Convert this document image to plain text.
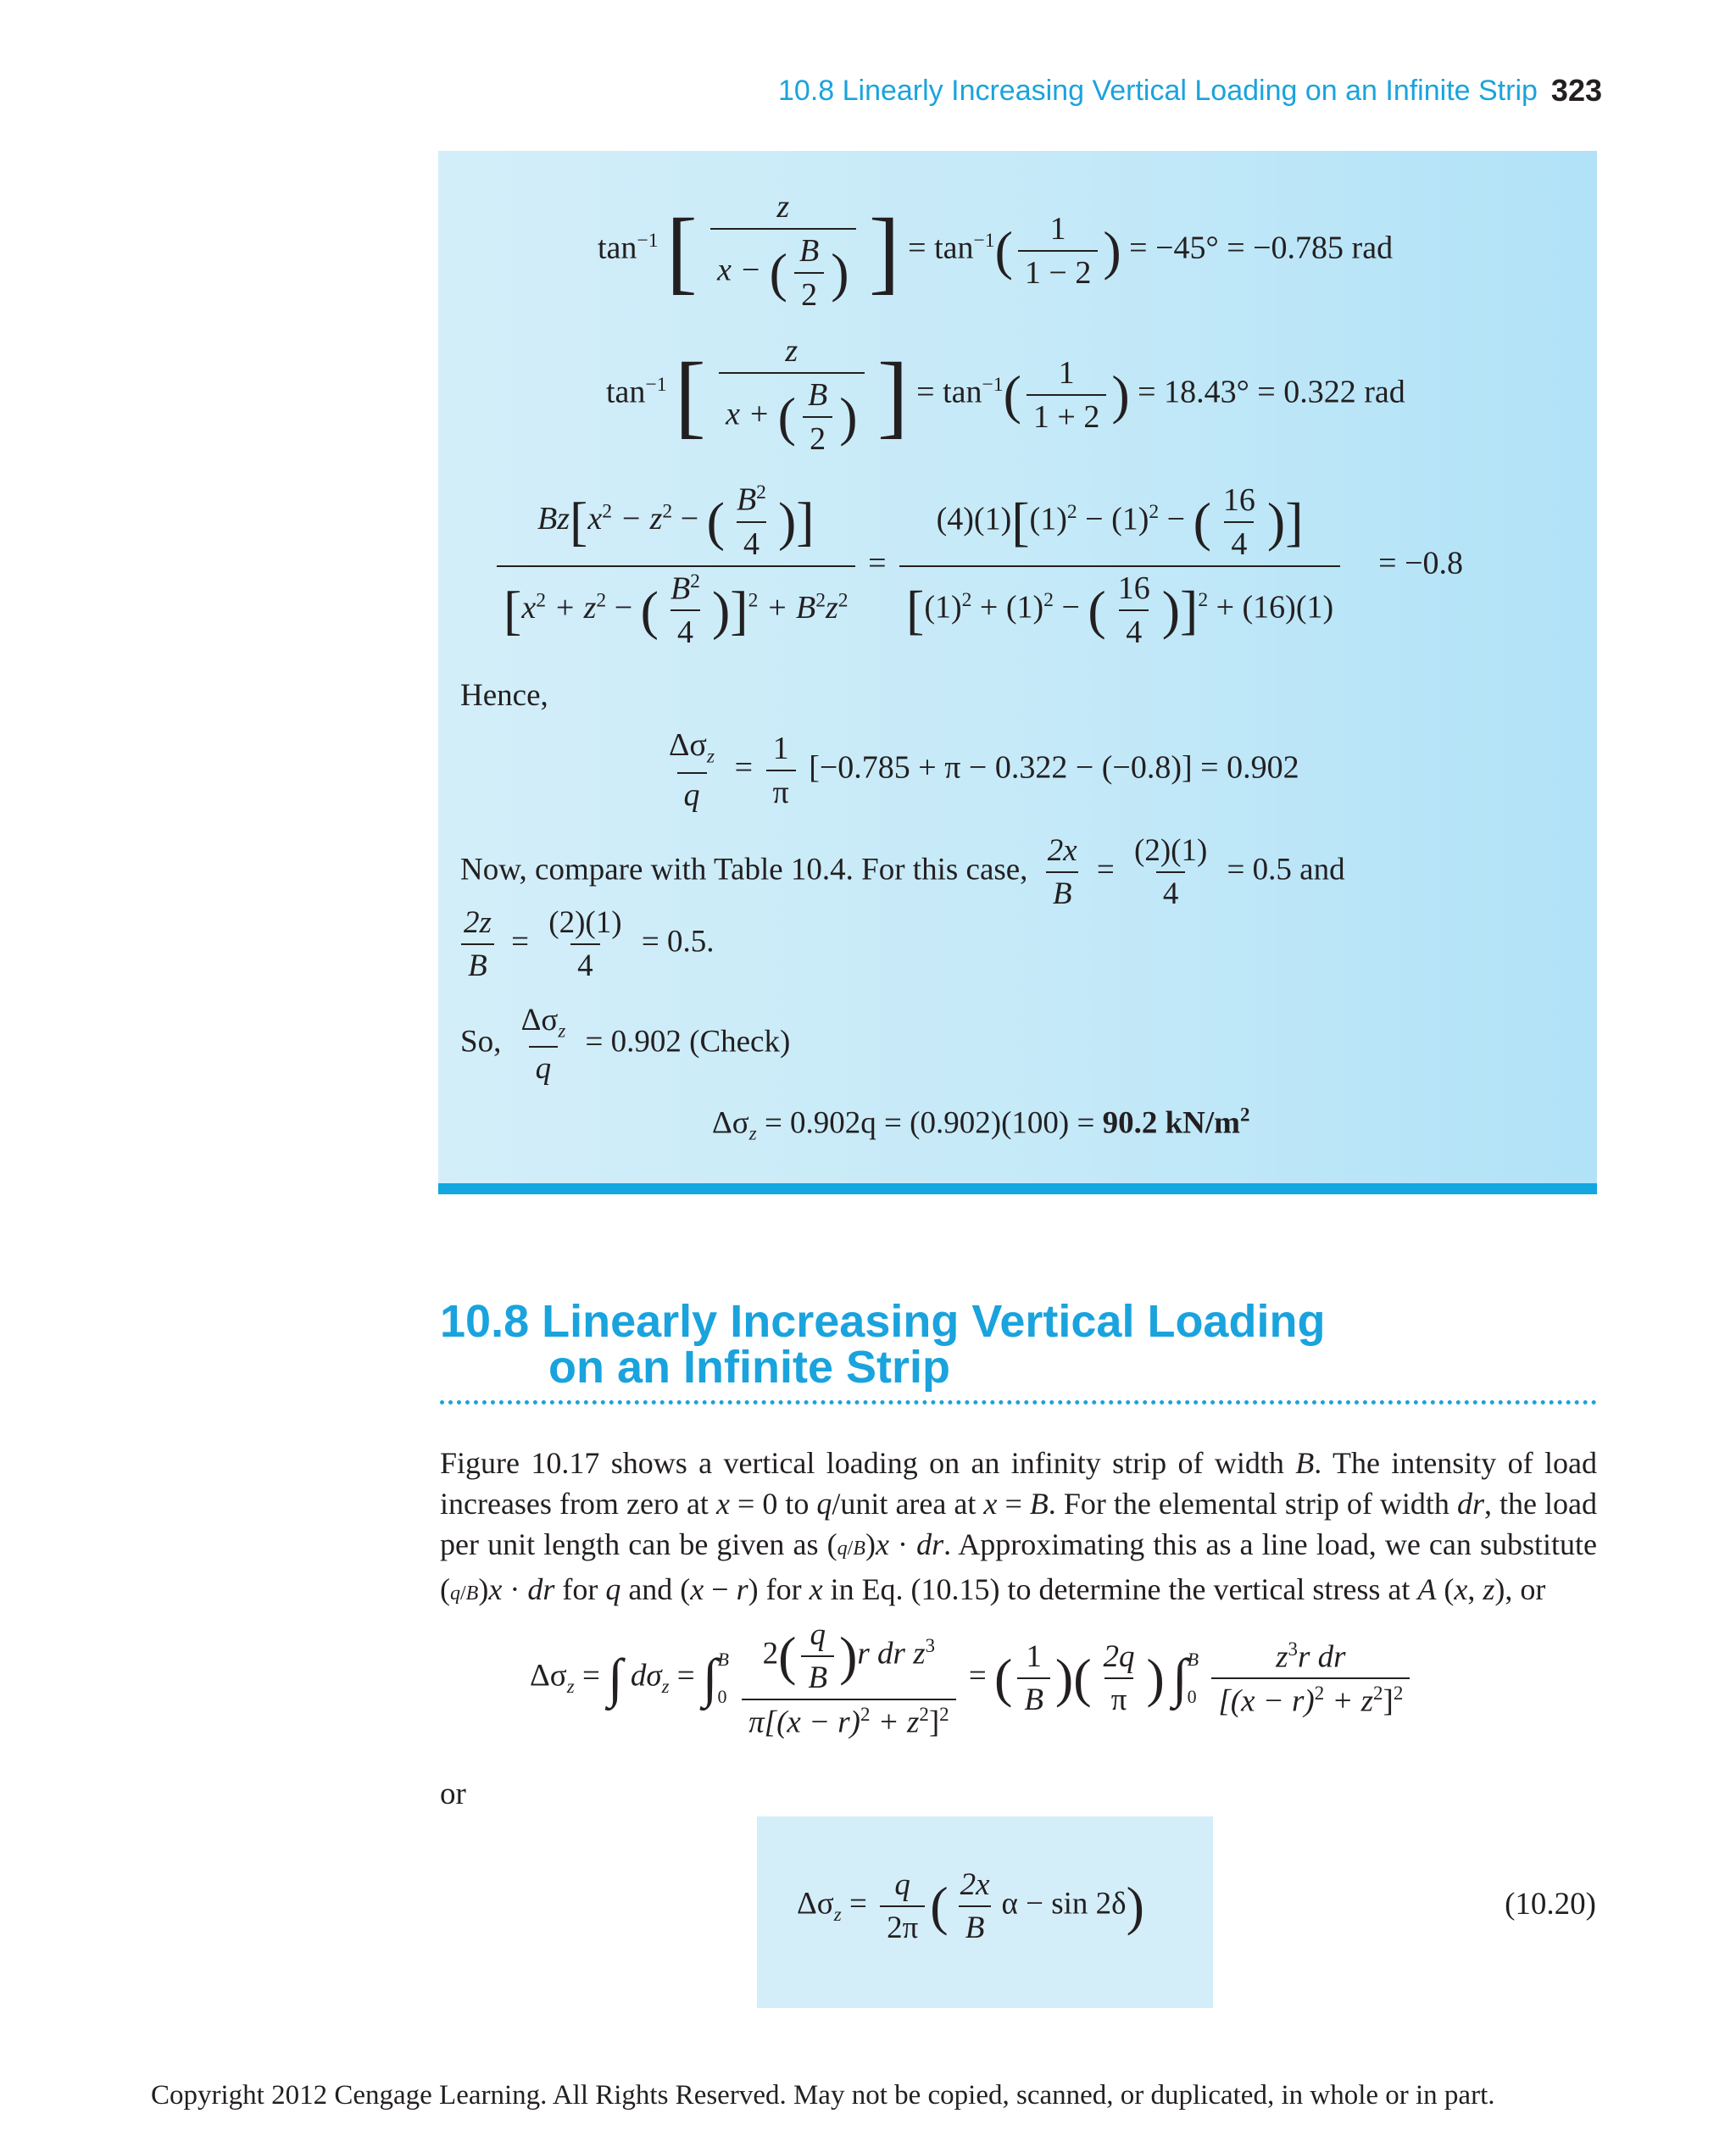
10.8 Linearly Increasing Vertical Loading on an Infinite Strip 323
$\tan^{-1}$ [ $\frac{z}{x - ( \frac{B}{2} )}$ ] = $\tan^{-1}( \frac{1}{1 - 2}$ ) = −45° = −0.785 rad
$\tan^{-1}$ [ $\frac{z}{x + ( \frac{B}{2} )}$ ] = $\tan^{-1}( \frac{1}{1 + 2}$ ) = 18.43° = 0.322 rad
$\frac{Bz[x^2 - z^2 - ( \frac{B^2}{4} )]}{[x^2 + z^2 - ( \frac{B^2}{4} )]^2 + B^2z^2} = \frac{(4)(1)[(1)^2 - (1)^2 - ( \frac{16}{4} )]}{[(1)^2 + (1)^2 - ( \frac{16}{4} )]^2 + (16)(1)} = -0.8$
Hence,
$\frac{\Delta\sigma_z}{q} = \frac{1}{\pi} [-0.785 + \pi - 0.322 - (-0.8)] = 0.902$
Now, compare with Table 10.4. For this case, $\frac{2x}{B} = \frac{(2)(1)}{4} = 0.5$ and
$\frac{2z}{B} = \frac{(2)(1)}{4} = 0.5$.
So, $\frac{\Delta\sigma_z}{q} = 0.902$ (Check)
$\Delta\sigma_z = 0.902q = (0.902)(100) = 90.2$ $kN/m^2$
10.8 Linearly Increasing Vertical Loading
on an Infinite Strip
Figure 10.17 shows a vertical loading on an infinity strip of width B. The intensity of load increases from zero at x = 0 to q/unit area at x = B. For the elemental strip of width dr, the load per unit length can be given as (q/B)x · dr. Approximating this as a line load, we can substitute (q/B)x · dr for q and (x − r) for x in Eq. (10.15) to determine the vertical stress at A (x, z), or
$\Delta\sigma_z$ = ∫ $d\sigma_z$ = ∫ B
0
$\frac{2( \frac{q}{B} )r dr z^3}{\pi[(x - r)^2 + z^2]^2}$ = ( $\frac{1}{B}$ )( $\frac{2q}{\pi}$ ) ∫ B
0
$\frac{z^3r dr}{[(x - r)^2 + z^2]^2}$
or
$\Delta\sigma_z = \frac{q}{2\pi}$ ( $\frac{2x}{B}$ α − sin 2δ)	(10.20)
Copyright 2012 Cengage Learning. All Rights Reserved. May not be copied, scanned, or duplicated, in whole or in part.
